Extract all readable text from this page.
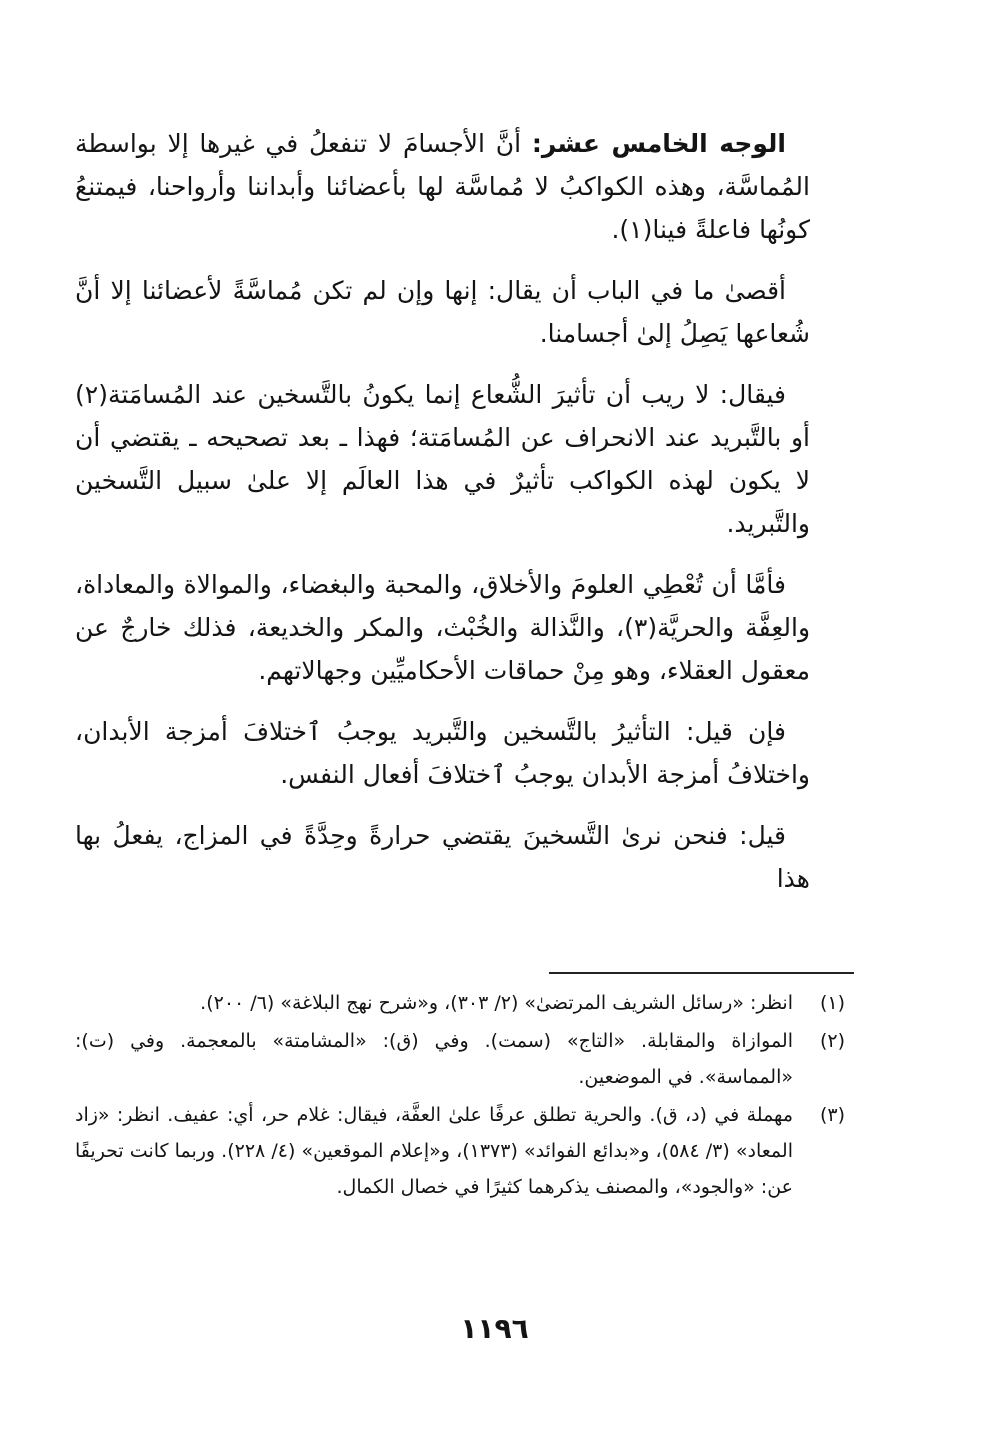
الوجه الخامس عشر: أنَّ الأجسامَ لا تنفعلُ في غيرها إلا بواسطة المُماسَّة، وهذه الكواكبُ لا مُماسَّة لها بأعضائنا وأبداننا وأرواحنا، فيمتنعُ كونُها فاعلةً فينا(١).

أقصىٰ ما في الباب أن يقال: إنها وإن لم تكن مُماسَّةً لأعضائنا إلا أنَّ شُعاعها يَصِلُ إلىٰ أجسامنا.

فيقال: لا ريب أن تأثيرَ الشُّعاع إنما يكونُ بالتَّسخين عند المُسامَتة(٢) أو بالتَّبريد عند الانحراف عن المُسامَتة؛ فهذا ـ بعد تصحيحه ـ يقتضي أن لا يكون لهذه الكواكب تأثيرٌ في هذا العالَم إلا علىٰ سبيل التَّسخين والتَّبريد.

فأمَّا أن تُعْطِي العلومَ والأخلاق، والمحبة والبغضاء، والموالاة والمعاداة، والعِفَّة والحريَّة(٣)، والنَّذالة والخُبْث، والمكر والخديعة، فذلك خارجٌ عن معقول العقلاء، وهو مِنْ حماقات الأحكاميِّين وجهالاتهم.

فإن قيل: التأثيرُ بالتَّسخين والتَّبريد يوجبُ ٱختلافَ أمزجة الأبدان، واختلافُ أمزجة الأبدان يوجبُ ٱختلافَ أفعال النفس.

قيل: فنحن نرىٰ التَّسخينَ يقتضي حرارةً وحِدَّةً في المزاج، يفعلُ بها هذا

(١)
انظر: «رسائل الشريف المرتضىٰ» (٢/ ٣٠٣)، و«شرح نهج البلاغة» (٦/ ٢٠٠).
(٢)
الموازاة والمقابلة. «التاج» (سمت). وفي (ق): «المشامتة» بالمعجمة. وفي (ت): «المماسة». في الموضعين.
(٣)
مهملة في (د، ق). والحرية تطلق عرفًا علىٰ العفَّة، فيقال: غلام حر، أي: عفيف. انظر: «زاد المعاد» (٣/ ٥٨٤)، و«بدائع الفوائد» (١٣٧٣)، و«إعلام الموقعين» (٤/ ٢٢٨). وربما كانت تحريفًا عن: «والجود»، والمصنف يذكرهما كثيرًا في خصال الكمال.
١١٩٦
